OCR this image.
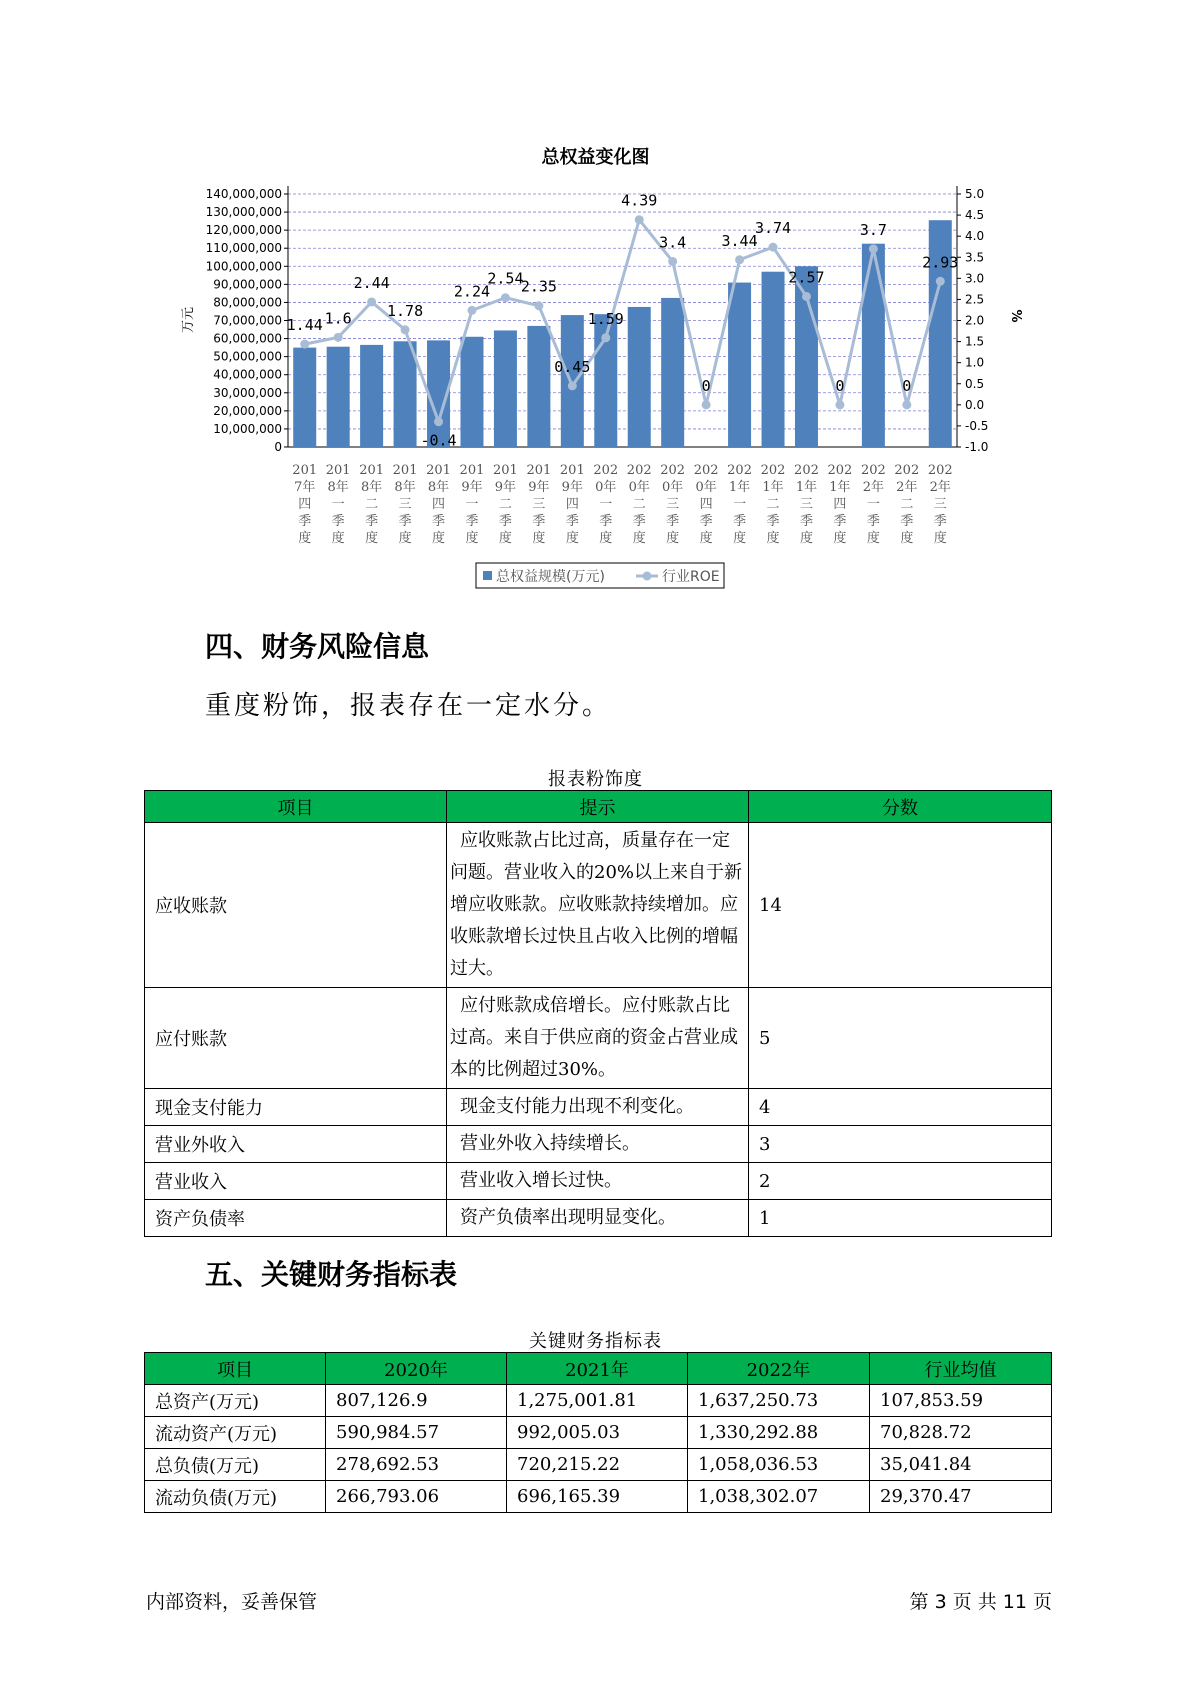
总权益变化图
0
10,000,000
20,000,000
30,000,000
40,000,000
50,000,000
60,000,000
70,000,000
80,000,000
90,000,000
100,000,000
110,000,000
120,000,000
130,000,000
140,000,000
-1.0
-0.5
0.0
0.5
1.0
1.5
2.0
2.5
3.0
3.5
4.0
4.5
5.0
万元	%
1.44 1.6
2.44
1.78
-0.4
2.24
2.54
2.35
0.45
1.59
4.39
3.4
0
3.44
3.74
2.57
0
3.7
0
2.93
201
7年
四
季
度
201
8年
一
季
度
201
8年
二
季
度
201
8年
三
季
度
201
8年
四
季
度
201
9年
一
季
度
201
9年
二
季
度
201
9年
三
季
度
201
9年
四
季
度
202
0年
一
季
度
202
0年
二
季
度
202
0年
三
季
度
202
0年
四
季
度
202
1年
一
季
度
202
1年
二
季
度
202
1年
三
季
度
202
1年
四
季
度
202
2年
一
季
度
202
2年
二
季
度
202
2年
三
季
度
总权益规模(万元)	行业ROE
四、财务风险信息
重度粉饰，报表存在一定水分。
报表粉饰度
项目	提示	分数
应收账款	应收账款占比过高，质量存在一定问题。营业收入的20%以上来自于新增应收账款。应收账款持续增加。应收账款增长过快且占收入比例的增幅过大。	14
应付账款	应付账款成倍增长。应付账款占比过高。来自于供应商的资金占营业成本的比例超过30%。	5
现金支付能力	现金支付能力出现不利变化。	4
营业外收入	营业外收入持续增长。	3
营业收入	营业收入增长过快。	2
资产负债率	资产负债率出现明显变化。	1
五、关键财务指标表
关键财务指标表
项目	2020年	2021年	2022年	行业均值
总资产(万元)	807,126.9	1,275,001.81	1,637,250.73	107,853.59
流动资产(万元)	590,984.57	992,005.03	1,330,292.88	70,828.72
总负债(万元)	278,692.53	720,215.22	1,058,036.53	35,041.84
流动负债(万元)	266,793.06	696,165.39	1,038,302.07	29,370.47
内部资料，妥善保管	第 3 页 共 11 页
